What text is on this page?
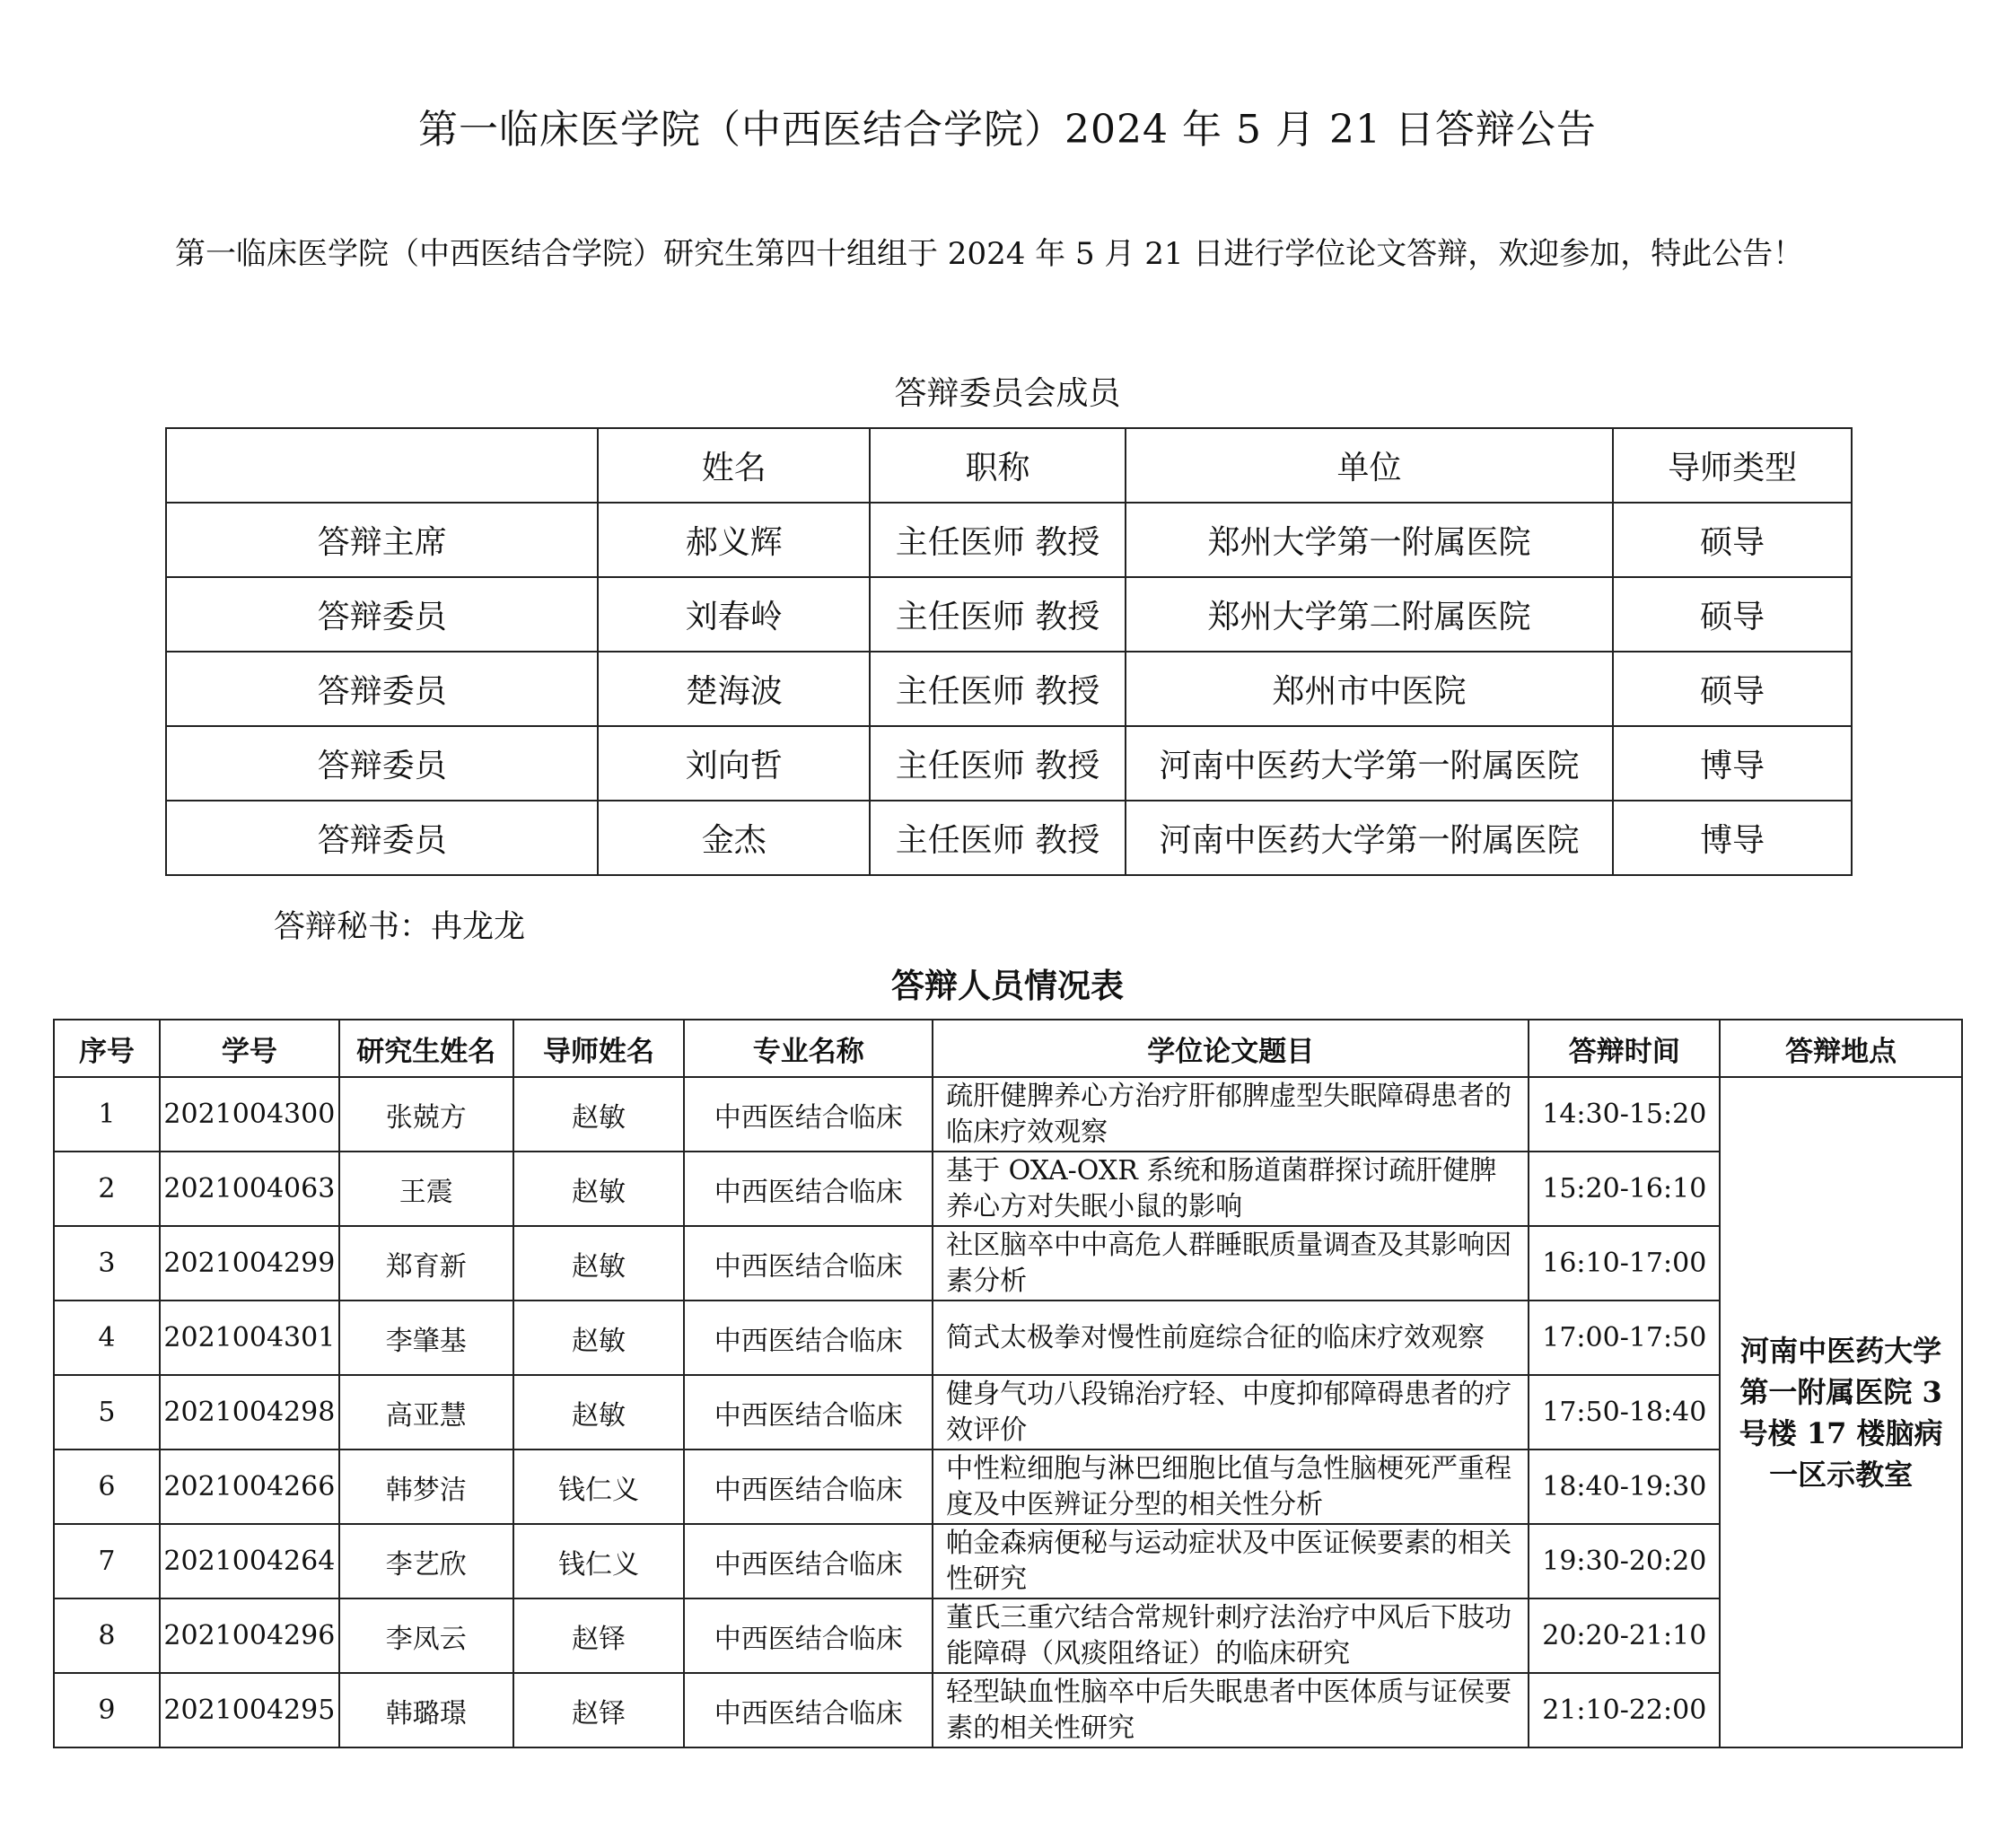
第一临床医学院（中西医结合学院）2024 年 5 月 21 日答辩公告
第一临床医学院（中西医结合学院）研究生第四十组组于 2024 年 5 月 21 日进行学位论文答辩，欢迎参加，特此公告！
答辩委员会成员
	姓名	职称	单位	导师类型
答辩主席	郝义辉	主任医师 教授	郑州大学第一附属医院	硕导
答辩委员	刘春岭	主任医师 教授	郑州大学第二附属医院	硕导
答辩委员	楚海波	主任医师 教授	郑州市中医院	硕导
答辩委员	刘向哲	主任医师 教授	河南中医药大学第一附属医院	博导
答辩委员	金杰	主任医师 教授	河南中医药大学第一附属医院	博导
答辩秘书：冉龙龙
答辩人员情况表
序号	学号	研究生姓名	导师姓名	专业名称	学位论文题目	答辩时间	答辩地点
1	2021004300	张兢方	赵敏	中西医结合临床	疏肝健脾养心方治疗肝郁脾虚型失眠障碍患者的临床疗效观察	14:30-15:20	河南中医药大学第一附属医院 3 号楼 17 楼脑病一区示教室
2	2021004063	王震	赵敏	中西医结合临床	基于 OXA-OXR 系统和肠道菌群探讨疏肝健脾养心方对失眠小鼠的影响	15:20-16:10	
3	2021004299	郑育新	赵敏	中西医结合临床	社区脑卒中中高危人群睡眠质量调查及其影响因素分析	16:10-17:00	
4	2021004301	李肇基	赵敏	中西医结合临床	简式太极拳对慢性前庭综合征的临床疗效观察	17:00-17:50	
5	2021004298	高亚慧	赵敏	中西医结合临床	健身气功八段锦治疗轻、中度抑郁障碍患者的疗效评价	17:50-18:40	
6	2021004266	韩梦洁	钱仁义	中西医结合临床	中性粒细胞与淋巴细胞比值与急性脑梗死严重程度及中医辨证分型的相关性分析	18:40-19:30	
7	2021004264	李艺欣	钱仁义	中西医结合临床	帕金森病便秘与运动症状及中医证候要素的相关性研究	19:30-20:20	
8	2021004296	李凤云	赵铎	中西医结合临床	董氏三重穴结合常规针刺疗法治疗中风后下肢功能障碍（风痰阻络证）的临床研究	20:20-21:10	
9	2021004295	韩璐璟	赵铎	中西医结合临床	轻型缺血性脑卒中后失眠患者中医体质与证侯要素的相关性研究	21:10-22:00	
